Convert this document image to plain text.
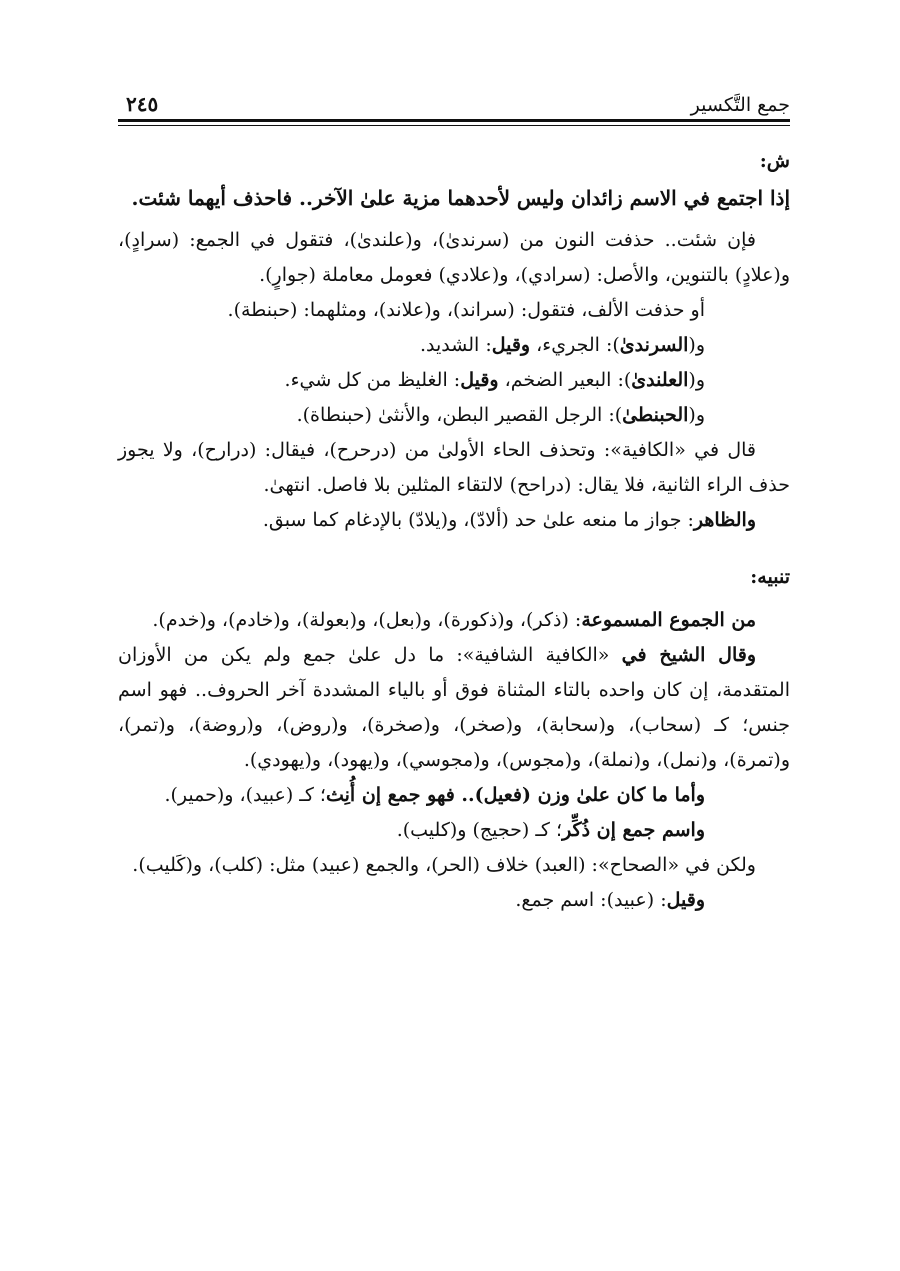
جمع التَّكسير
٢٤٥

ش:

إذا اجتمع في الاسم زائدان وليس لأحدهما مزية علىٰ الآخر.. فاحذف أيهما شئت.

فإن شئت.. حذفت النون من (سرندىٰ)، و(علندىٰ)، فتقول في الجمع: (سرادٍ)، و(علادٍ) بالتنوين، والأصل: (سرادي)، و(علادي) فعومل معاملة (جوارٍ).

أو حذفت الألف، فتقول: (سراند)، و(علاند)، ومثلهما: (حبنطة).

و(السرندىٰ): الجريء، وقيل: الشديد.

و(العلندىٰ): البعير الضخم، وقيل: الغليظ من كل شيء.

و(الحبنطىٰ): الرجل القصير البطن، والأنثىٰ (حبنطاة).

قال في «الكافية»: وتحذف الحاء الأولىٰ من (درحرح)، فيقال: (درارح)، ولا يجوز حذف الراء الثانية، فلا يقال: (دراحح) لالتقاء المثلين بلا فاصل. انتهىٰ.

والظاهر: جواز ما منعه علىٰ حد (ألادّ)، و(يلادّ) بالإدغام كما سبق.

تنبيه:

من الجموع المسموعة: (ذكر)، و(ذكورة)، و(بعل)، و(بعولة)، و(خادم)، و(خدم).

وقال الشيخ في «الكافية الشافية»: ما دل علىٰ جمع ولم يكن من الأوزان المتقدمة، إن كان واحده بالتاء المثناة فوق أو بالياء المشددة آخر الحروف.. فهو اسم جنس؛ كـ (سحاب)، و(سحابة)، و(صخر)، و(صخرة)، و(روض)، و(روضة)، و(تمر)، و(تمرة)، و(نمل)، و(نملة)، و(مجوس)، و(مجوسي)، و(يهود)، و(يهودي).

وأما ما كان علىٰ وزن (فعيل).. فهو جمع إن أُنِث؛ كـ (عبيد)، و(حمير).

واسم جمع إن ذُكِّر؛ كـ (حجيج) و(كليب).

ولكن في «الصحاح»: (العبد) خلاف (الحر)، والجمع (عبيد) مثل: (كلب)، و(كَليب).

وقيل: (عبيد): اسم جمع.
